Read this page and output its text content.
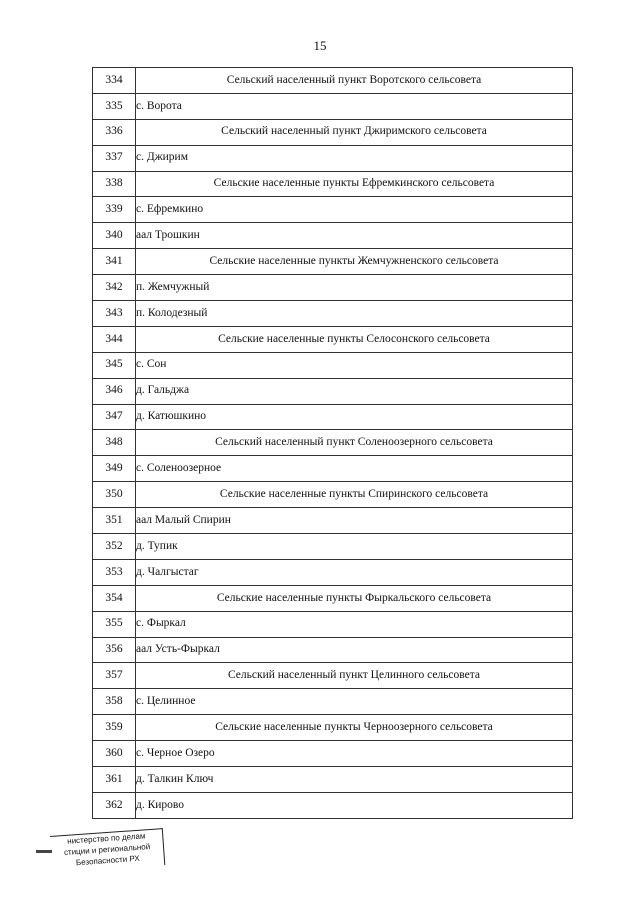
15
334	Сельский населенный пункт Воротского сельсовета
335	с. Ворота
336	Сельский населенный пункт Джиримского сельсовета
337	с. Джирим
338	Сельские населенные пункты Ефремкинского сельсовета
339	с. Ефремкино
340	аал Трошкин
341	Сельские населенные пункты Жемчужненского сельсовета
342	п. Жемчужный
343	п. Колодезный
344	Сельские населенные пункты Селосонского сельсовета
345	с. Сон
346	д. Гальджа
347	д. Катюшкино
348	Сельский населенный пункт Соленоозерного сельсовета
349	с. Соленоозерное
350	Сельские населенные пункты Спиринского сельсовета
351	аал Малый Спирин
352	д. Тупик
353	д. Чалгыстаг
354	Сельские населенные пункты Фыркальского сельсовета
355	с. Фыркал
356	аал Усть-Фыркал
357	Сельский населенный пункт Целинного сельсовета
358	с. Целинное
359	Сельские населенные пункты Черноозерного сельсовета
360	с. Черное Озеро
361	д. Талкин Ключ
362	д. Кирово
нистерство по делам
стиции и региональной
Безопасности РХ
